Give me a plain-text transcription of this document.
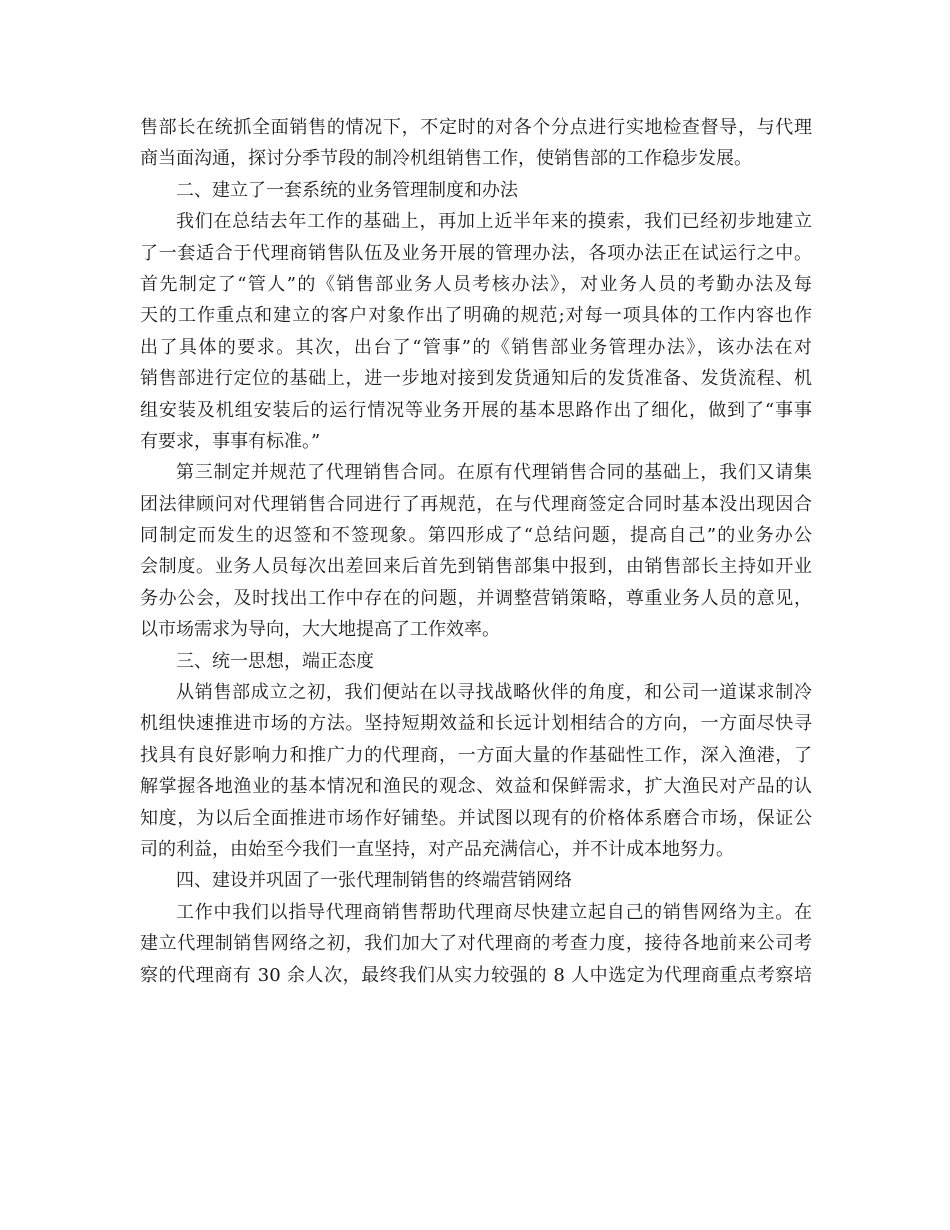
售部长在统抓全面销售的情况下，不定时的对各个分点进行实地检查督导，与代理
商当面沟通，探讨分季节段的制冷机组销售工作，使销售部的工作稳步发展。
二、建立了一套系统的业务管理制度和办法
我们在总结去年工作的基础上，再加上近半年来的摸索，我们已经初步地建立
了一套适合于代理商销售队伍及业务开展的管理办法，各项办法正在试运行之中。
首先制定了“管人”的《销售部业务人员考核办法》，对业务人员的考勤办法及每
天的工作重点和建立的客户对象作出了明确的规范;对每一项具体的工作内容也作
出了具体的要求。其次，出台了“管事”的《销售部业务管理办法》，该办法在对
销售部进行定位的基础上，进一步地对接到发货通知后的发货准备、发货流程、机
组安装及机组安装后的运行情况等业务开展的基本思路作出了细化，做到了“事事
有要求，事事有标准。”
第三制定并规范了代理销售合同。在原有代理销售合同的基础上，我们又请集
团法律顾问对代理销售合同进行了再规范，在与代理商签定合同时基本没出现因合
同制定而发生的迟签和不签现象。第四形成了“总结问题，提高自己”的业务办公
会制度。业务人员每次出差回来后首先到销售部集中报到，由销售部长主持如开业
务办公会，及时找出工作中存在的问题，并调整营销策略，尊重业务人员的意见，
以市场需求为导向，大大地提高了工作效率。
三、统一思想，端正态度
从销售部成立之初，我们便站在以寻找战略伙伴的角度，和公司一道谋求制冷
机组快速推进市场的方法。坚持短期效益和长远计划相结合的方向，一方面尽快寻
找具有良好影响力和推广力的代理商，一方面大量的作基础性工作，深入渔港，了
解掌握各地渔业的基本情况和渔民的观念、效益和保鲜需求，扩大渔民对产品的认
知度，为以后全面推进市场作好铺垫。并试图以现有的价格体系磨合市场，保证公
司的利益，由始至今我们一直坚持，对产品充满信心，并不计成本地努力。
四、建设并巩固了一张代理制销售的终端营销网络
工作中我们以指导代理商销售帮助代理商尽快建立起自己的销售网络为主。在
建立代理制销售网络之初，我们加大了对代理商的考查力度，接待各地前来公司考
察的代理商有 30 余人次，最终我们从实力较强的 8 人中选定为代理商重点考察培
